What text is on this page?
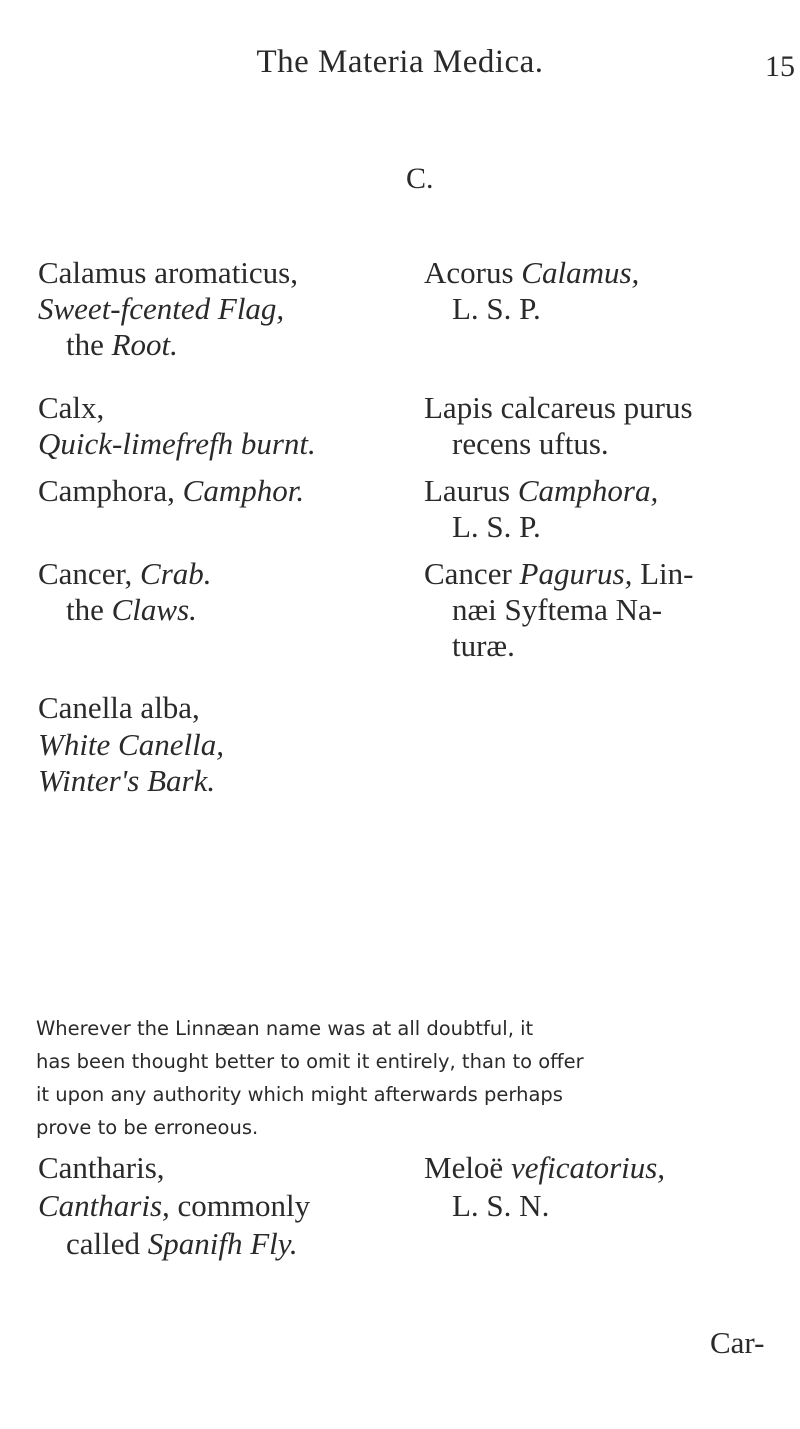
The Materia Medica.	15
C.
Calamus aromaticus,
Sweet-fcented Flag,
the Root.
Acorus Calamus,
L. S. P.
Calx,
Quick-limefrefh burnt.
Lapis calcareus purus
recens uftus.
Camphora, Camphor.	Laurus Camphora,
L. S. P.
Cancer, Crab.
the Claws.
Cancer Pagurus, Lin-
næi Syftema Na-
turæ.
Canella alba,
White Canella,
Winter's Bark.
Wherever the Linnæan name was at all doubtful, it
has been thought better to omit it entirely, than to offer
it upon any authority which might afterwards perhaps
prove to be erroneous.
Cantharis,
Cantharis, commonly
called Spanifh Fly.
Meloë veficatorius,
L. S. N.
Car-
